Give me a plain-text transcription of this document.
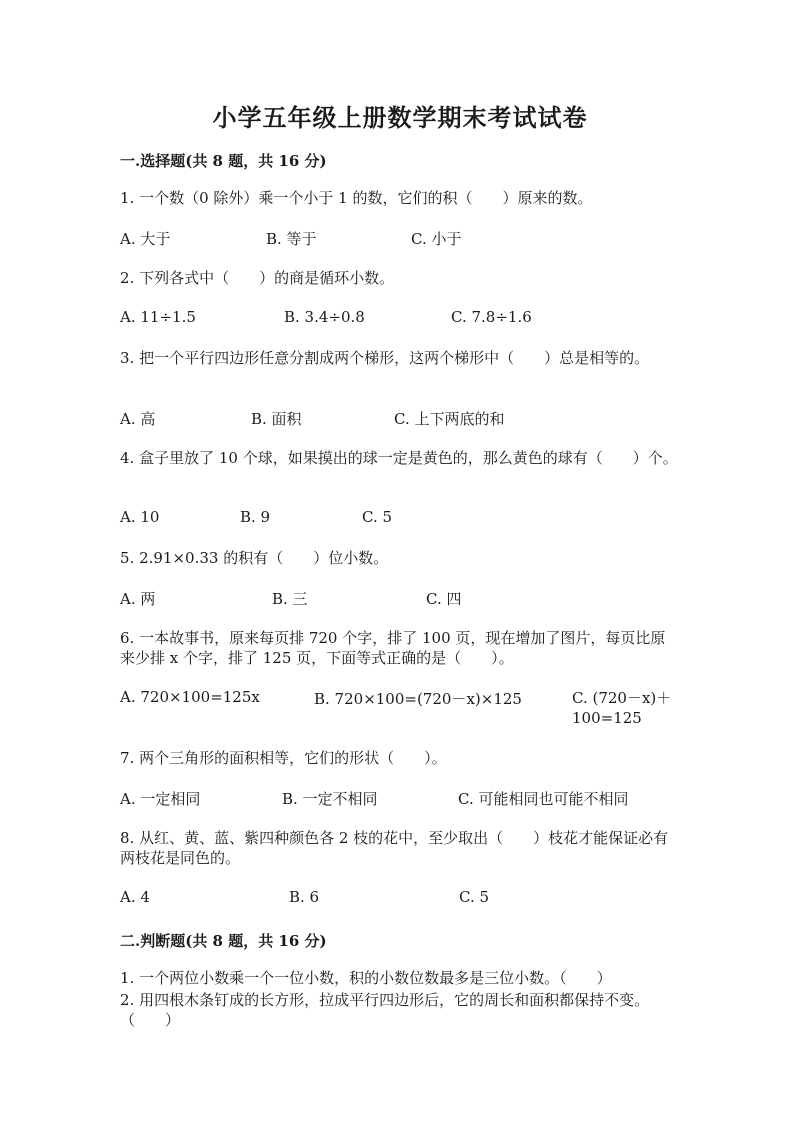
小学五年级上册数学期末考试试卷
一.选择题(共 8 题，共 16 分)
1. 一个数（0 除外）乘一个小于 1 的数，它们的积（　　）原来的数。
A. 大于	B. 等于	C. 小于
2. 下列各式中（　　）的商是循环小数。
A. 11÷1.5	B. 3.4÷0.8	C. 7.8÷1.6
3. 把一个平行四边形任意分割成两个梯形，这两个梯形中（　　）总是相等的。
A. 高	B. 面积	C. 上下两底的和
4. 盒子里放了 10 个球，如果摸出的球一定是黄色的，那么黄色的球有（　　）个。
A. 10	B. 9	C. 5
5. 2.91×0.33 的积有（　　）位小数。
A. 两	B. 三	C. 四
6. 一本故事书，原来每页排 720 个字，排了 100 页，现在增加了图片，每页比原来少排 x 个字，排了 125 页，下面等式正确的是（　　）。
A. 720×100=125x	B. 720×100=(720－x)×125	C. (720－x)＋100=125
7. 两个三角形的面积相等，它们的形状（　　）。
A. 一定相同	B. 一定不相同	C. 可能相同也可能不相同
8. 从红、黄、蓝、紫四种颜色各 2 枝的花中，至少取出（　　）枝花才能保证必有两枝花是同色的。
A. 4	B. 6	C. 5
二.判断题(共 8 题，共 16 分)
1. 一个两位小数乘一个一位小数，积的小数位数最多是三位小数。（　　）
2. 用四根木条钉成的长方形，拉成平行四边形后，它的周长和面积都保持不变。（　　）
